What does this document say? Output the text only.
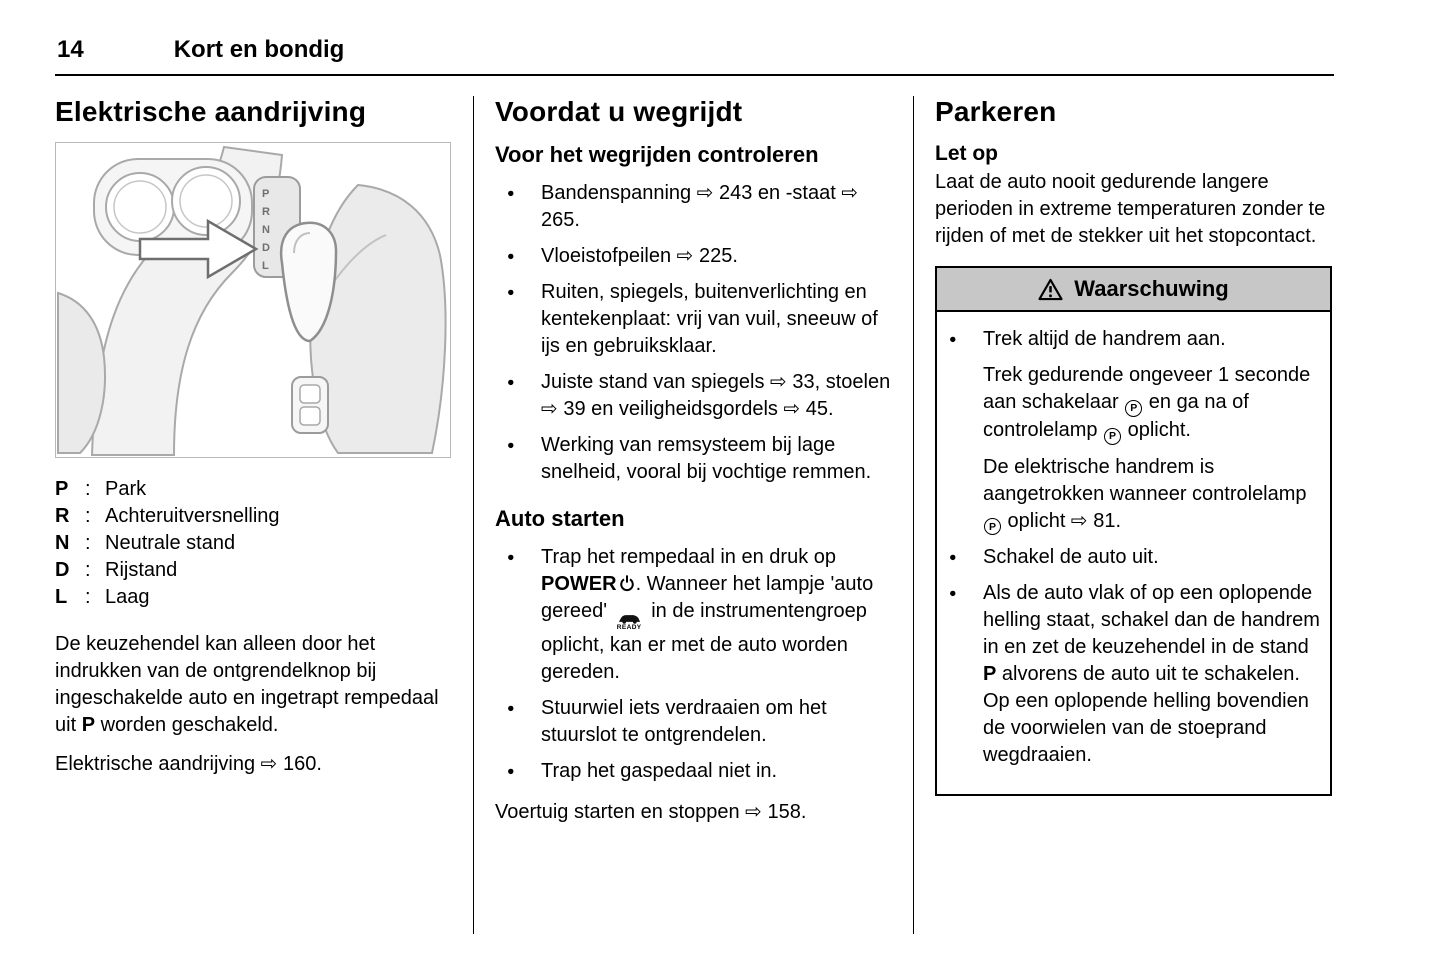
14	Kort en bondig
Elektrische aandrijving
P
R
N
D
L
P : Park
R : Achteruitversnelling
N : Neutrale stand
D : Rijstand
L : Laag

De keuzehendel kan alleen door het indrukken van de ontgrendelknop bij ingeschakelde auto en ingetrapt rempedaal uit P worden geschakeld.

Elektrische aandrijving ⇨ 160.

Voordat u wegrijdt
Voor het wegrijden controleren
● Bandenspanning ⇨ 243 en -staat ⇨ 265.
● Vloeistofpeilen ⇨ 225.
● Ruiten, spiegels, buitenverlichting en kentekenplaat: vrij van vuil, sneeuw of ijs en gebruiksklaar.
● Juiste stand van spiegels ⇨ 33, stoelen ⇨ 39 en veiligheidsgordels ⇨ 45.
● Werking van remsysteem bij lage snelheid, vooral bij vochtige remmen.
Auto starten
● Trap het rempedaal in en druk op POWER . Wanneer het lampje 'auto gereed'
READY
in de instrumentengroep oplicht, kan er met de auto worden gereden.
● Stuurwiel iets verdraaien om het stuurslot te ontgrendelen.
● Trap het gaspedaal niet in.

Voertuig starten en stoppen ⇨ 158.

Parkeren
Let op

Laat de auto nooit gedurende langere perioden in extreme temperaturen zonder te rijden of met de stekker uit het stopcontact.

Waarschuwing

● Trek altijd de handrem aan.

Trek gedurende ongeveer 1 seconde aan schakelaar P en ga na of controlelamp P oplicht.

De elektrische handrem is aangetrokken wanneer controlelamp P oplicht ⇨ 81.

● Schakel de auto uit.

● Als de auto vlak of op een oplopende helling staat, schakel dan de handrem in en zet de keuzehendel in de stand P alvorens de auto uit te schakelen. Op een oplopende helling bovendien de voorwielen van de stoeprand wegdraaien.
